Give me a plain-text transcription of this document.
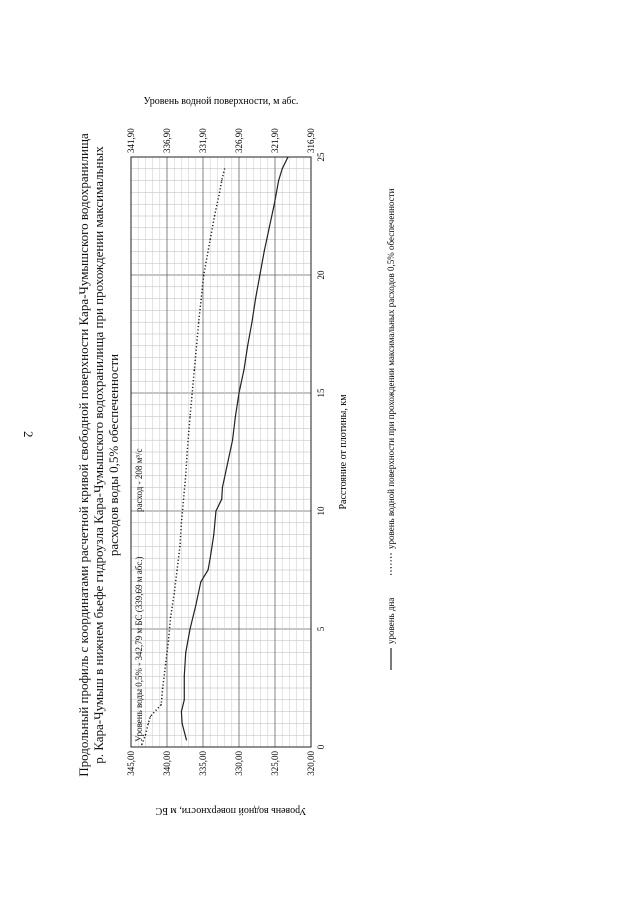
2	Продольный профиль с координатами расчетной кривой свободной поверхности Кара-Чумышского водохранилища р. Кара-Чумыш в нижнем бьефе гидроузла Кара-Чумышского водохранилища при прохождении максимальных расходов воды 0,5% обеспеченности
320,00
325,00
330,00
335,00
340,00
345,00
316,90
321,90
326,90
331,90
336,90
341,90
0
5
10
15
20
25
Уровень воды 0,5% - 342,79 м БС (339,69 м абс.)
расход - 208 м³/с
Уровень водной поверхности, м БС
Уровень водной поверхности, м абс.
Расстояние от плотины, км
уровень дна
уровень водной поверхности при прохождении максимальных расходов 0,5% обеспеченности
